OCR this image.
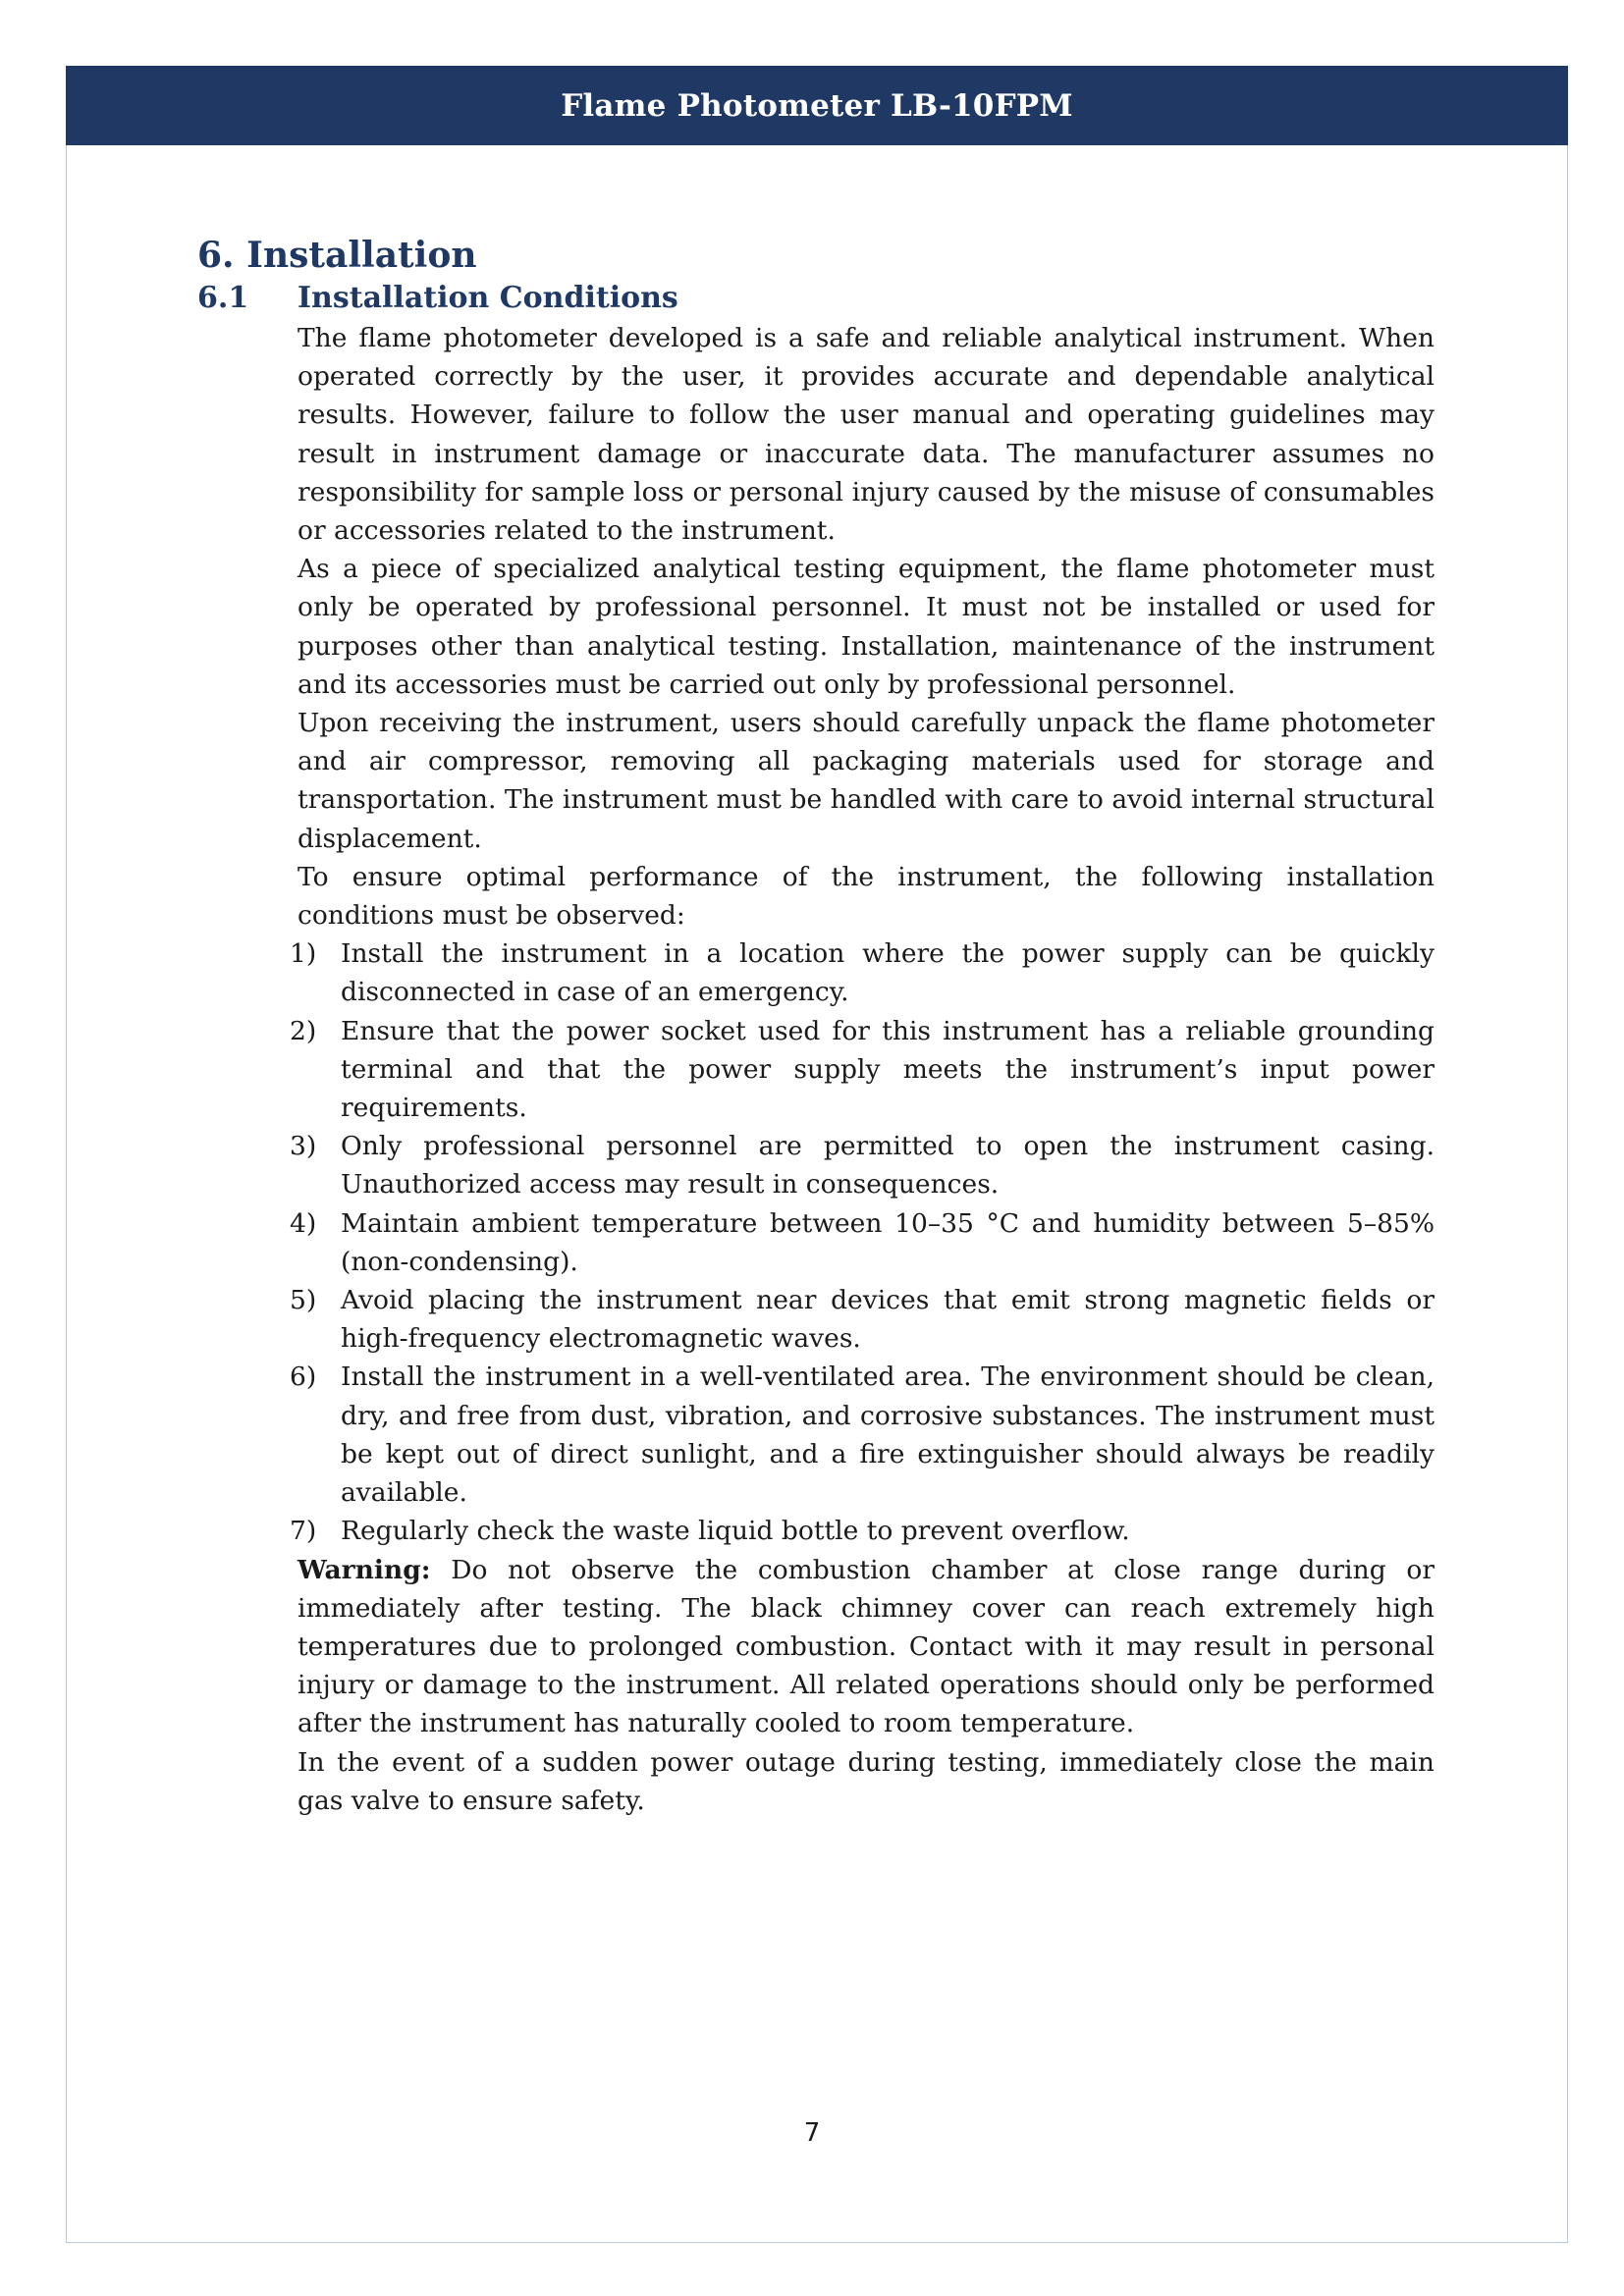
Flame Photometer LB-10FPM
6. Installation
6.1	Installation Conditions

The flame photometer developed is a safe and reliable analytical instrument. When operated correctly by the user, it provides accurate and dependable analytical results. However, failure to follow the user manual and operating guidelines may result in instrument damage or inaccurate data. The manufacturer assumes no responsibility for sample loss or personal injury caused by the misuse of consumables or accessories related to the instrument.

As a piece of specialized analytical testing equipment, the flame photometer must only be operated by professional personnel. It must not be installed or used for purposes other than analytical testing. Installation, maintenance of the instrument and its accessories must be carried out only by professional personnel.

Upon receiving the instrument, users should carefully unpack the flame photometer and air compressor, removing all packaging materials used for storage and transportation. The instrument must be handled with care to avoid internal structural displacement.

To ensure optimal performance of the instrument, the following installation conditions must be observed:

1) Install the instrument in a location where the power supply can be quickly disconnected in case of an emergency.
2) Ensure that the power socket used for this instrument has a reliable grounding terminal and that the power supply meets the instrument’s input power requirements.
3) Only professional personnel are permitted to open the instrument casing. Unauthorized access may result in consequences.
4) Maintain ambient temperature between 10–35 °C and humidity between 5–85% (non-condensing).
5) Avoid placing the instrument near devices that emit strong magnetic fields or high-frequency electromagnetic waves.
6) Install the instrument in a well-ventilated area. The environment should be clean, dry, and free from dust, vibration, and corrosive substances. The instrument must be kept out of direct sunlight, and a fire extinguisher should always be readily available.
7) Regularly check the waste liquid bottle to prevent overflow.

Warning: Do not observe the combustion chamber at close range during or immediately after testing. The black chimney cover can reach extremely high temperatures due to prolonged combustion. Contact with it may result in personal injury or damage to the instrument. All related operations should only be performed after the instrument has naturally cooled to room temperature.

In the event of a sudden power outage during testing, immediately close the main gas valve to ensure safety.

7
